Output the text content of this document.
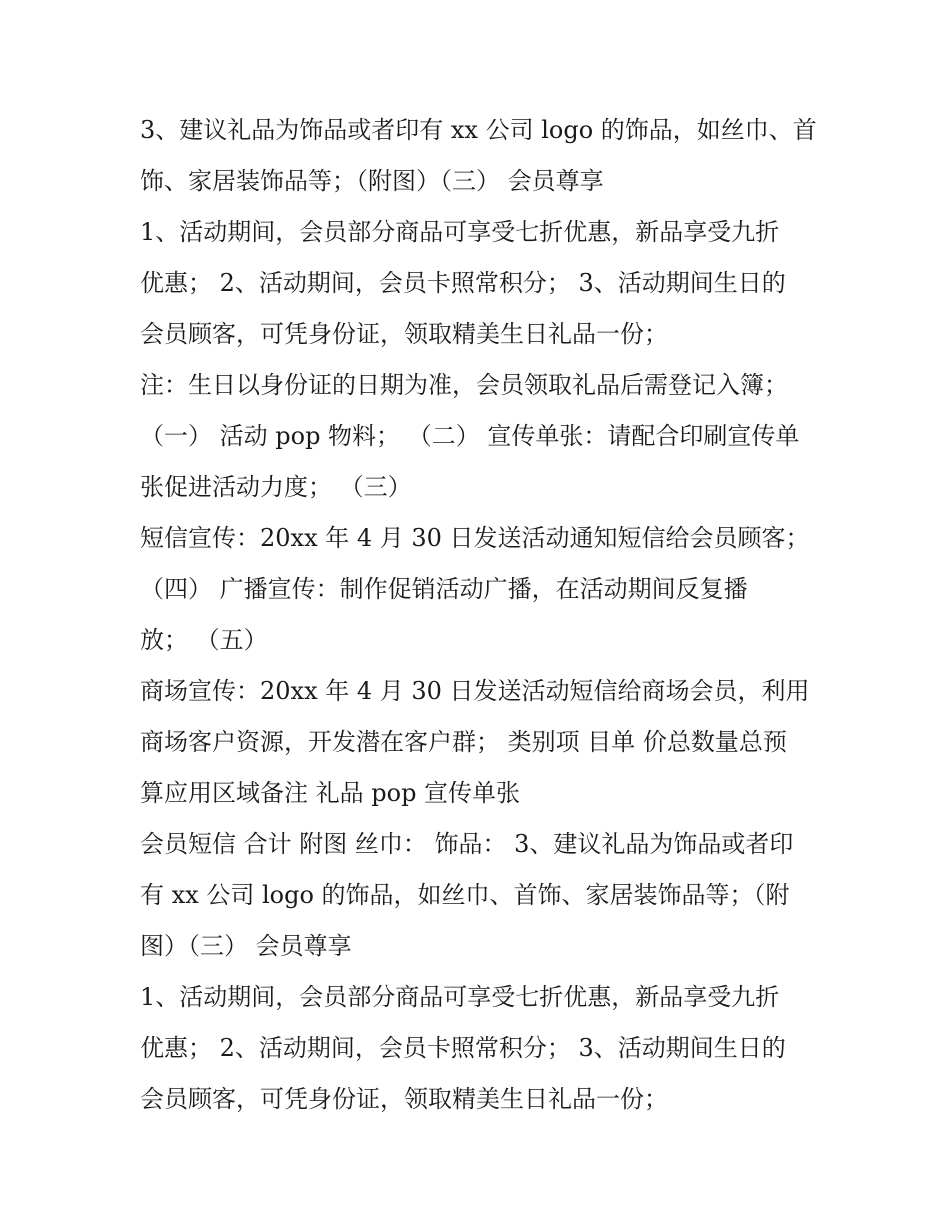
3、建议礼品为饰品或者印有 xx 公司 logo 的饰品，如丝巾、首
饰、家居装饰品等；（附图）（三） 会员尊享
1、活动期间，会员部分商品可享受七折优惠，新品享受九折
优惠； 2、活动期间，会员卡照常积分； 3、活动期间生日的
会员顾客，可凭身份证，领取精美生日礼品一份；
注：生日以身份证的日期为准，会员领取礼品后需登记入簿；
（一） 活动 pop 物料； （二） 宣传单张：请配合印刷宣传单
张促进活动力度； （三）
短信宣传：20xx 年 4 月 30 日发送活动通知短信给会员顾客；
（四） 广播宣传：制作促销活动广播，在活动期间反复播
放； （五）
商场宣传：20xx 年 4 月 30 日发送活动短信给商场会员，利用
商场客户资源，开发潜在客户群； 类别项 目单 价总数量总预
算应用区域备注 礼品 pop 宣传单张
会员短信 合计 附图 丝巾： 饰品： 3、建议礼品为饰品或者印
有 xx 公司 logo 的饰品，如丝巾、首饰、家居装饰品等；（附
图）（三） 会员尊享
1、活动期间，会员部分商品可享受七折优惠，新品享受九折
优惠； 2、活动期间，会员卡照常积分； 3、活动期间生日的
会员顾客，可凭身份证，领取精美生日礼品一份；
